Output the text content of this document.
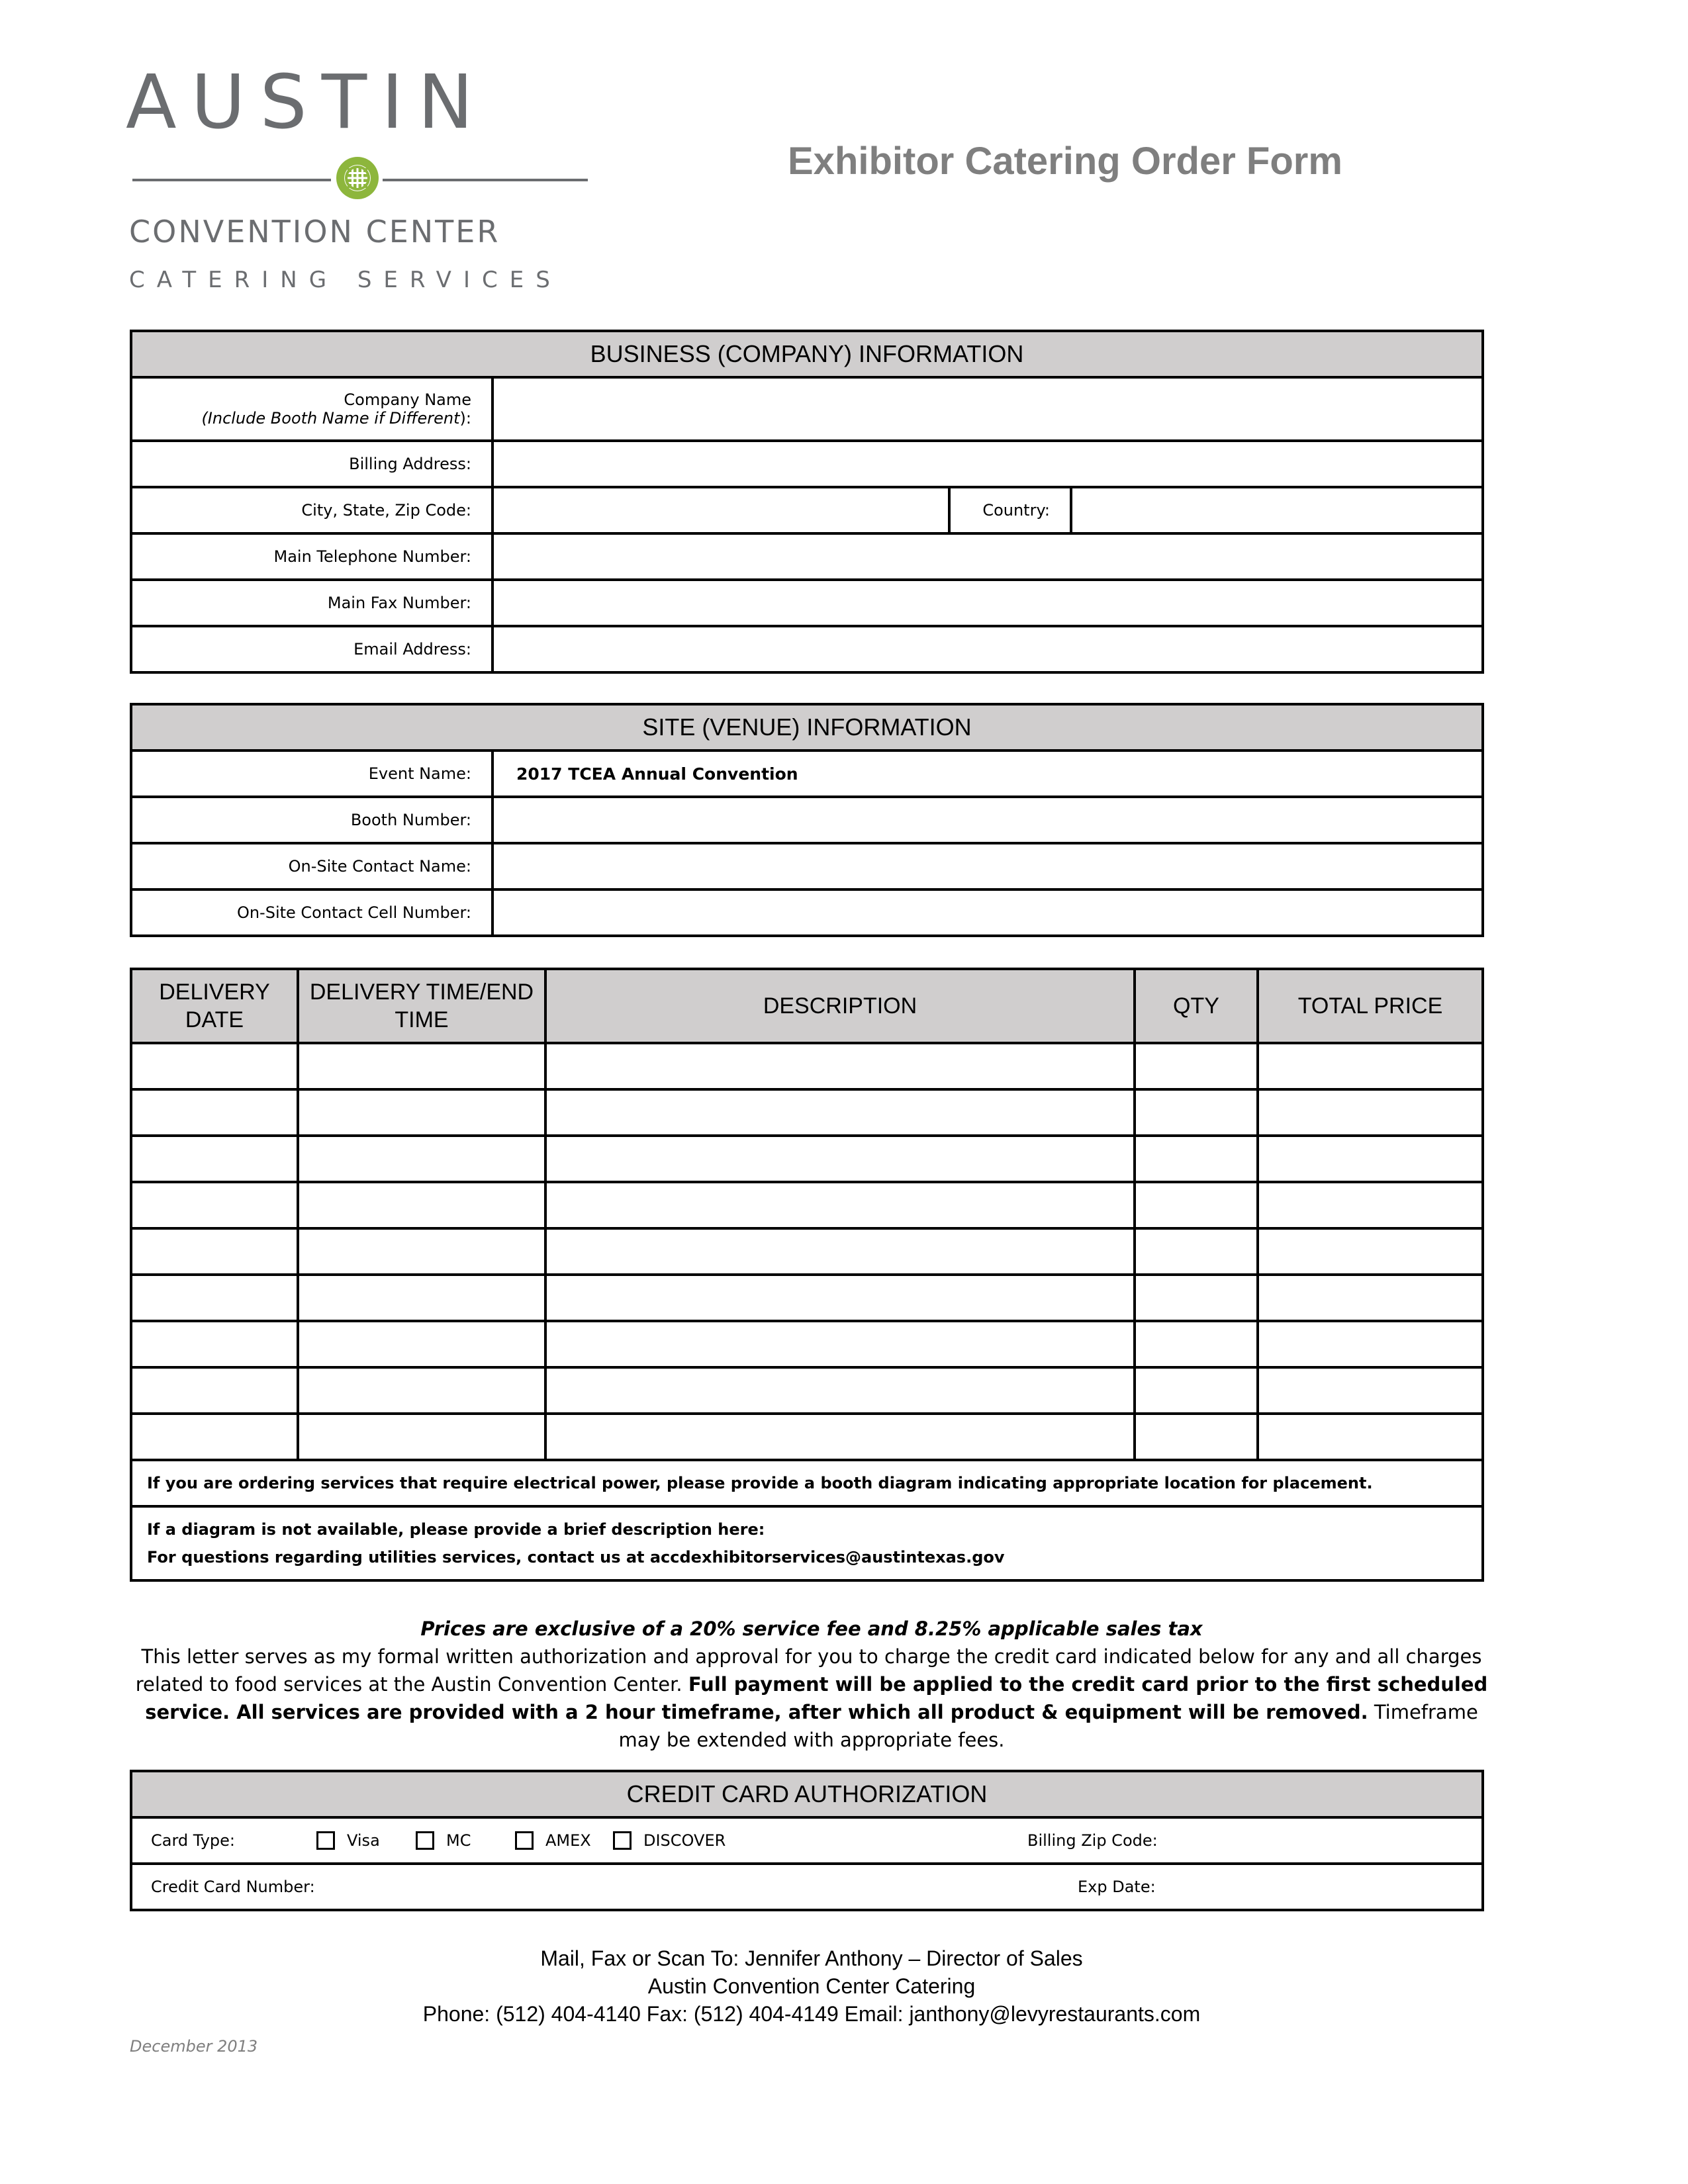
AUSTIN
CONVENTION CENTER
CATERING SERVICES
Exhibitor Catering Order Form
BUSINESS (COMPANY) INFORMATION			

Company Name
(Include Booth Name if Different):			

Billing Address:			
City, State, Zip Code:		Country:	
Main Telephone Number:			
Main Fax Number:			
Email Address:			
SITE (VENUE) INFORMATION	
Event Name:	2017 TCEA Annual Convention
Booth Number:	
On-Site Contact Name:	
On-Site Contact Cell Number:	
DELIVERY DATE	DELIVERY TIME/END TIME	DESCRIPTION	QTY	TOTAL PRICE

If you are ordering services that require electrical power, please provide a booth diagram indicating appropriate location for placement.				

If a diagram is not available, please provide a brief description here:
For questions regarding utilities services, contact us at accdexhibitorservices@austintexas.gov				
Prices are exclusive of a 20% service fee and 8.25% applicable sales tax
This letter serves as my formal written authorization and approval for you to charge the credit card indicated below for any and all charges related to food services at the Austin Convention Center. Full payment will be applied to the credit card prior to the first scheduled service. All services are provided with a 2 hour timeframe, after which all product & equipment will be removed. Timeframe may be extended with appropriate fees.
CREDIT CARD AUTHORIZATION

Card Type:	Visa	MC	AMEX	DISCOVER	Billing Zip Code:

Credit Card Number:	Exp Date:
Mail, Fax or Scan To: Jennifer Anthony – Director of Sales
Austin Convention Center Catering
Phone: (512) 404-4140 Fax: (512) 404-4149 Email: janthony@levyrestaurants.com
December 2013
